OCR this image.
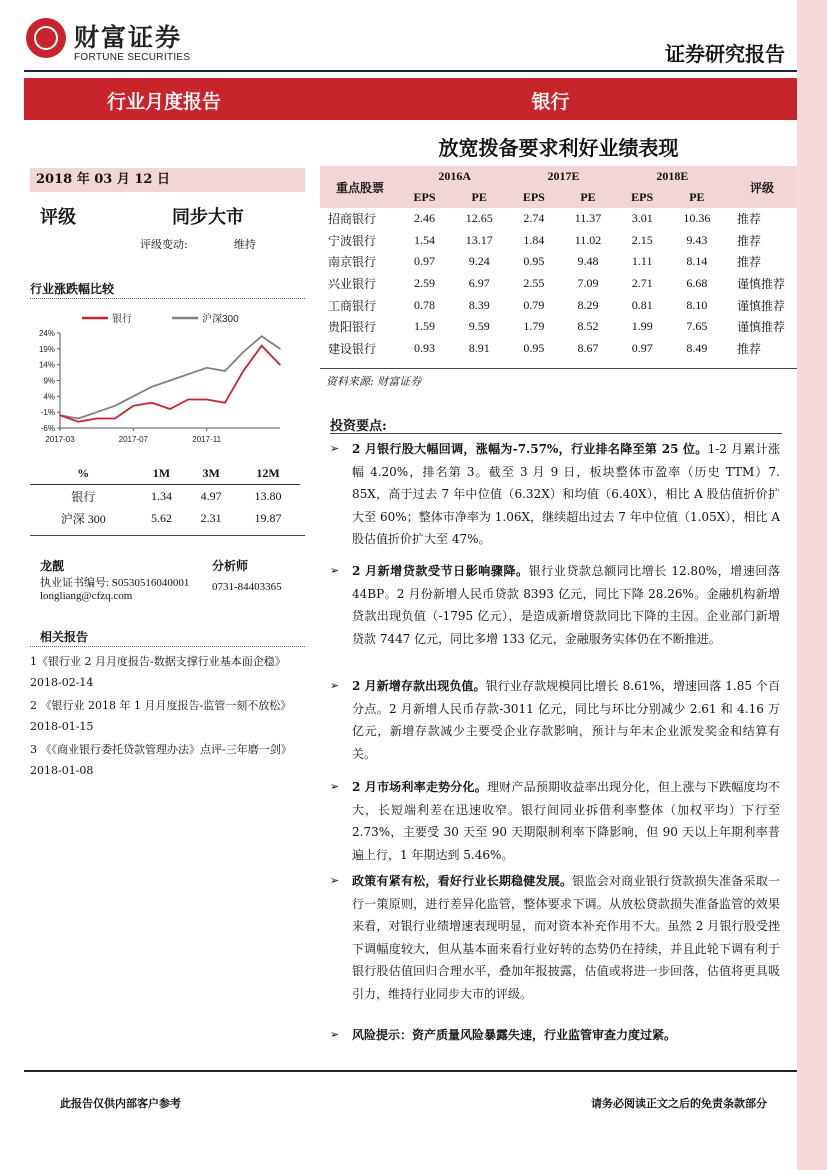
财富证券
FORTUNE SECURITIES	证券研究报告
行业月度报告	银行
放宽拨备要求利好业绩表现
2018 年 03 月 12 日
评级	同步大市
评级变动:	维持
行业涨跌幅比较
24%
19%
14%
9%
4%
-1%
-6%
2017-03	2017-07	2017-11
银行	沪深300
%	1M	3M	12M
银行	1.34	4.97	13.80
沪深 300	5.62	2.31	19.87
龙靓	分析师
执业证书编号: S0530516040001 0731-84403365
longliang@cfzq.com
相关报告
1《银行业 2 月月度报告-数据支撑行业基本面企稳》 2018-02-14
2 《银行业 2018 年 1 月月度报告-监管一刻不放松》 2018-01-15
3 《《商业银行委托贷款管理办法》点评-三年磨一剑》 2018-01-08
重点股票	2016A		2017E		2018E		评级
	EPS	PE	EPS	PE	EPS	PE	
招商银行	2.46	12.65	2.74	11.37	3.01	10.36	推荐
宁波银行	1.54	13.17	1.84	11.02	2.15	9.43	推荐
南京银行	0.97	9.24	0.95	9.48	1.11	8.14	推荐
兴业银行	2.59	6.97	2.55	7.09	2.71	6.68	谨慎推荐
工商银行	0.78	8.39	0.79	8.29	0.81	8.10	谨慎推荐
贵阳银行	1.59	9.59	1.79	8.52	1.99	7.65	谨慎推荐
建设银行	0.93	8.91	0.95	8.67	0.97	8.49	推荐
资料来源: 财富证券
投资要点:
➢ 2 月银行股大幅回调，涨幅为-7.57%，行业排名降至第 25 位。1-2 月累计涨幅 4.20%，排名第 3。截至 3 月 9 日，板块整体市盈率（历史 TTM）7. 85X，高于过去 7 年中位值（6.32X）和均值（6.40X），相比 A 股估值折价扩大至 60%；整体市净率为 1.06X，继续超出过去 7 年中位值（1.05X），相比 A 股估值折价扩大至 47%。
➢ 2 月新增贷款受节日影响骤降。银行业贷款总额同比增长 12.80%，增速回落 44BP。2 月份新增人民币贷款 8393 亿元，同比下降 28.26%。金融机构新增贷款出现负值（-1795 亿元），是造成新增贷款同比下降的主因。企业部门新增贷款 7447 亿元，同比多增 133 亿元，金融服务实体仍在不断推进。
➢ 2 月新增存款出现负值。银行业存款规模同比增长 8.61%，增速回落 1.85 个百分点。2 月新增人民币存款-3011 亿元，同比与环比分别减少 2.61 和 4.16 万亿元，新增存款减少主要受企业存款影响，预计与年末企业派发奖金和结算有关。
➢ 2 月市场利率走势分化。理财产品预期收益率出现分化，但上涨与下跌幅度均不大，长短端利差在迅速收窄。银行间同业拆借利率整体（加权平均）下行至 2.73%，主要受 30 天至 90 天期限制利率下降影响，但 90 天以上年期利率普遍上行，1 年期达到 5.46%。
➢ 政策有紧有松，看好行业长期稳健发展。银监会对商业银行贷款损失准备采取一行一策原则，进行差异化监管，整体要求下调。从放松贷款损失准备监管的效果来看，对银行业绩增速表现明显，而对资本补充作用不大。虽然 2 月银行股受挫下调幅度较大，但从基本面来看行业好转的态势仍在持续，并且此轮下调有利于银行股估值回归合理水平，叠加年报披露，估值或将进一步回落，估值将更具吸引力，维持行业同步大市的评级。
➢ 风险提示：资产质量风险暴露失速，行业监管审查力度过紧。
此报告仅供内部客户参考	请务必阅读正文之后的免责条款部分
